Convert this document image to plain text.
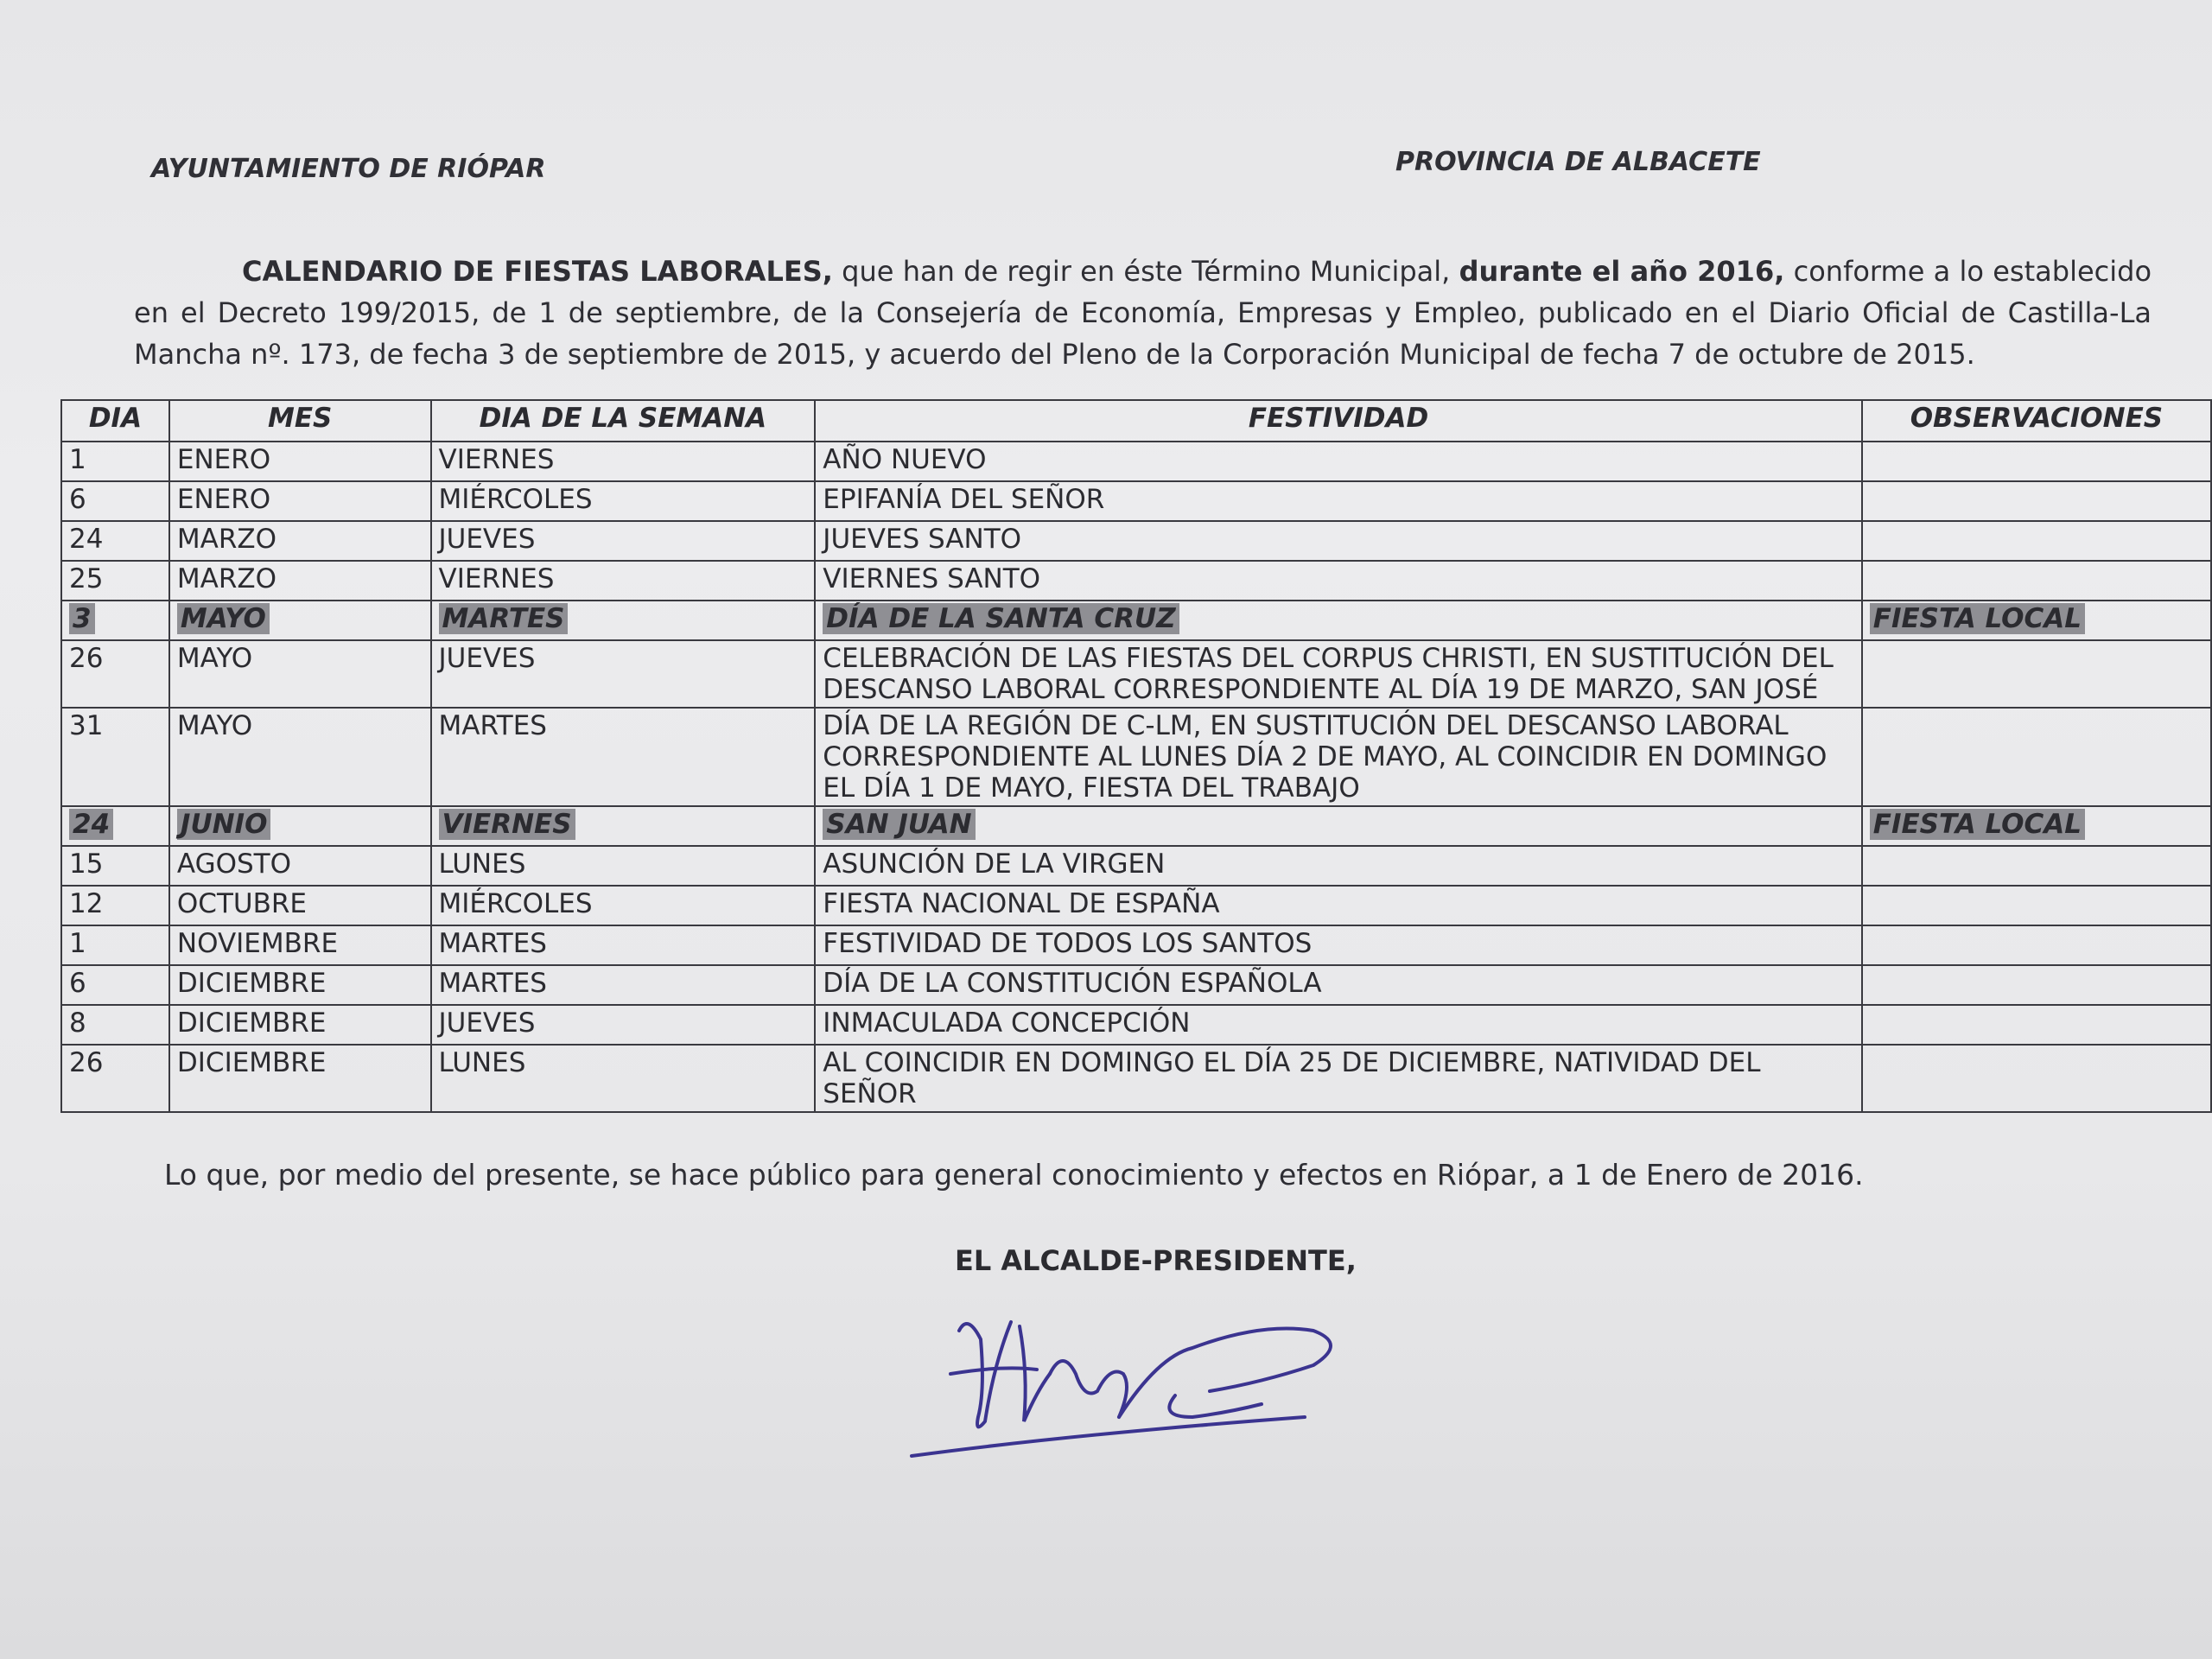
AYUNTAMIENTO DE RIÓPAR	PROVINCIA DE ALBACETE

CALENDARIO DE FIESTAS LABORALES, que han de regir en éste Término Municipal, durante el año 2016, conforme a lo establecido en el Decreto 199/2015, de 1 de septiembre, de la Consejería de Economía, Empresas y Empleo, publicado en el Diario Oficial de Castilla-La Mancha nº. 173, de fecha 3 de septiembre de 2015, y acuerdo del Pleno de la Corporación Municipal de fecha 7 de octubre de 2015.

DIA	MES	DIA DE LA SEMANA	FESTIVIDAD	OBSERVACIONES
1	ENERO	VIERNES	AÑO NUEVO	
6	ENERO	MIÉRCOLES	EPIFANÍA DEL SEÑOR	
24	MARZO	JUEVES	JUEVES SANTO	
25	MARZO	VIERNES	VIERNES SANTO	
3	MAYO	MARTES	DÍA DE LA SANTA CRUZ	FIESTA LOCAL
26	MAYO	JUEVES	CELEBRACIÓN DE LAS FIESTAS DEL CORPUS CHRISTI, EN SUSTITUCIÓN DEL DESCANSO LABORAL CORRESPONDIENTE AL DÍA 19 DE MARZO, SAN JOSÉ	
31	MAYO	MARTES	DÍA DE LA REGIÓN DE C-LM, EN SUSTITUCIÓN DEL DESCANSO LABORAL CORRESPONDIENTE AL LUNES DÍA 2 DE MAYO, AL COINCIDIR EN DOMINGO EL DÍA 1 DE MAYO, FIESTA DEL TRABAJO	
24	JUNIO	VIERNES	SAN JUAN	FIESTA LOCAL
15	AGOSTO	LUNES	ASUNCIÓN DE LA VIRGEN	
12	OCTUBRE	MIÉRCOLES	FIESTA NACIONAL DE ESPAÑA	
1	NOVIEMBRE	MARTES	FESTIVIDAD DE TODOS LOS SANTOS	
6	DICIEMBRE	MARTES	DÍA DE LA CONSTITUCIÓN ESPAÑOLA	
8	DICIEMBRE	JUEVES	INMACULADA CONCEPCIÓN	
26	DICIEMBRE	LUNES	AL COINCIDIR EN DOMINGO EL DÍA 25 DE DICIEMBRE, NATIVIDAD DEL SEÑOR	
Lo que, por medio del presente, se hace público para general conocimiento y efectos en Riópar, a 1 de Enero de 2016.
EL ALCALDE-PRESIDENTE,
